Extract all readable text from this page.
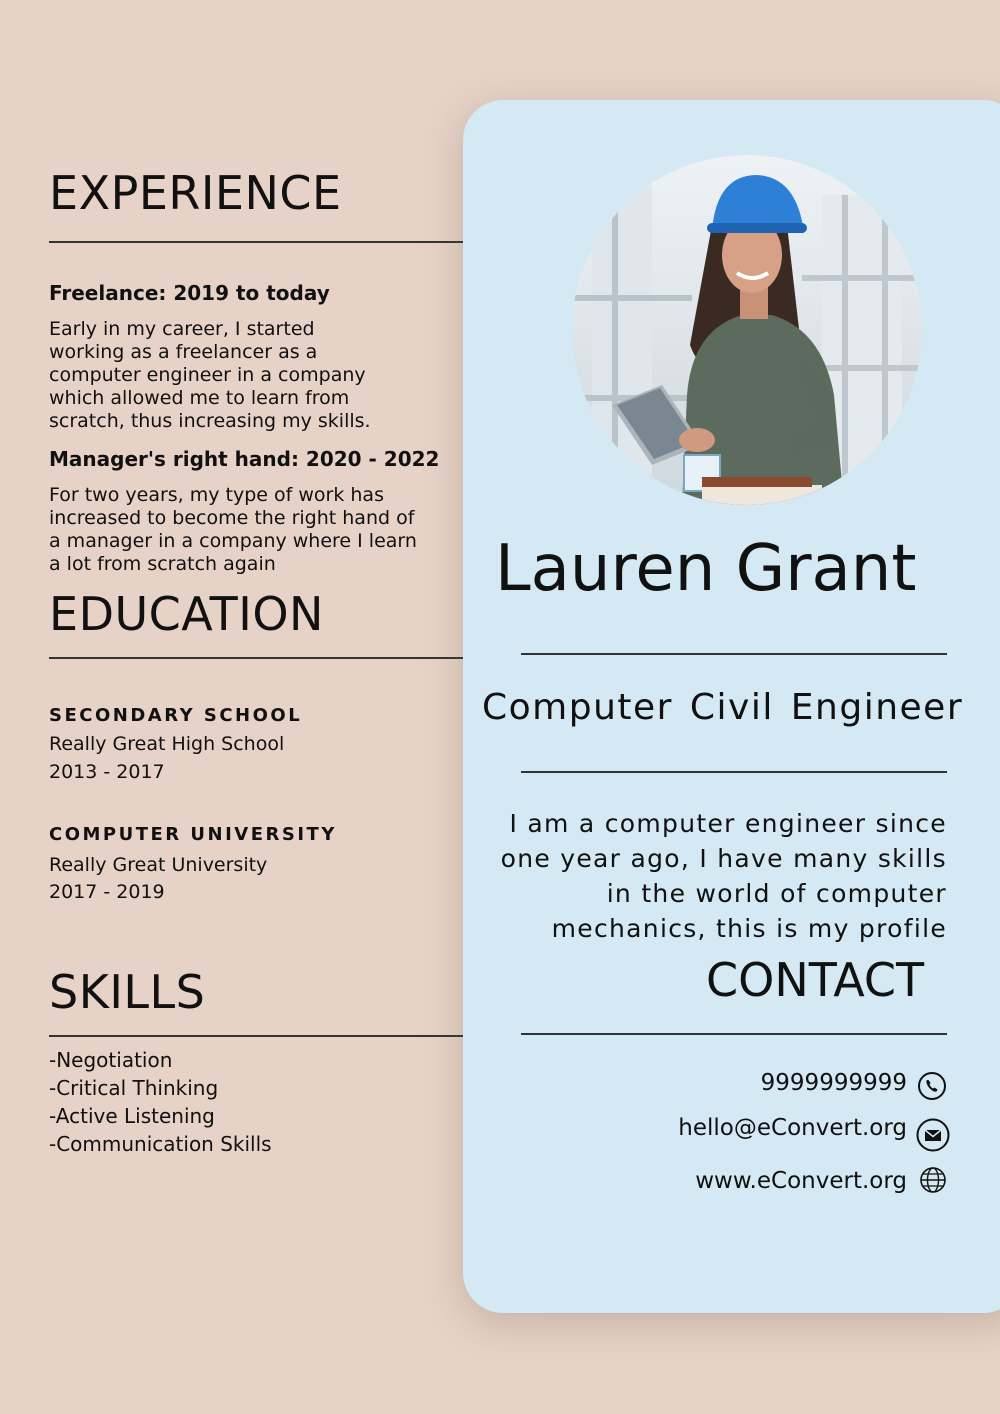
EXPERIENCE
Freelance: 2019 to today

Early in my career, I started working as a freelancer as a computer engineer in a company which allowed me to learn from scratch, thus increasing my skills.

Manager's right hand: 2020 - 2022

For two years, my type of work has increased to become the right hand of a manager in a company where I learn a lot from scratch again

EDUCATION
SECONDARY SCHOOL
Really Great High School
2013 - 2017
COMPUTER UNIVERSITY
Really Great University
2017 - 2019
SKILLS
-Negotiation
-Critical Thinking
-Active Listening
-Communication Skills
Lauren Grant
Computer Civil Engineer

I am a computer engineer since one year ago, I have many skills in the world of computer mechanics, this is my profile

CONTACT
9999999999
hello@eConvert.org
www.eConvert.org
